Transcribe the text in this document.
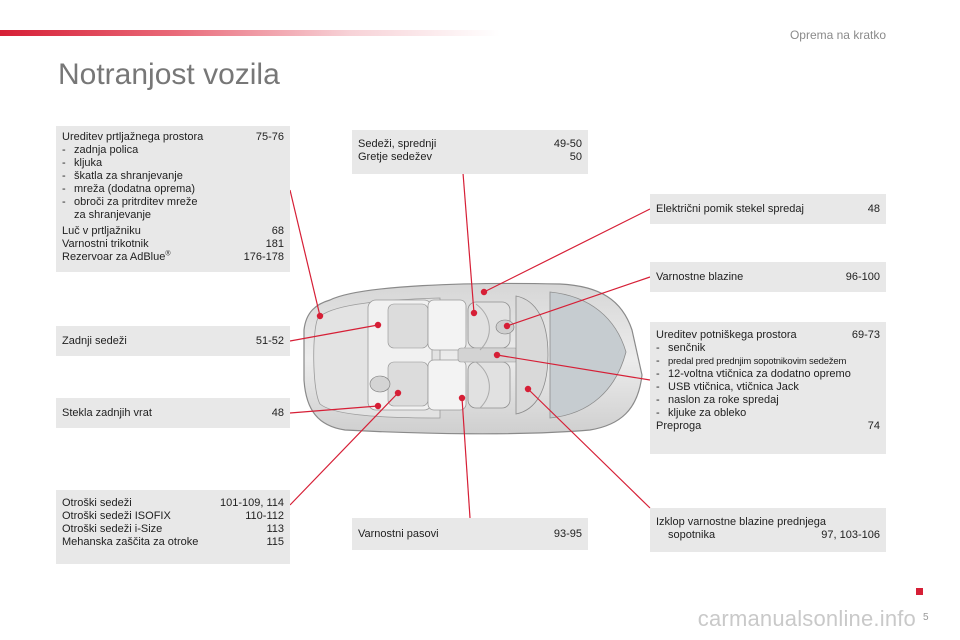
Oprema na kratko
Notranjost vozila
Ureditev prtljažnega prostora	75-76
- zadnja polica
- kljuka
- škatla za shranjevanje
- mreža (dodatna oprema)
- obroči za pritrditev mreže
za shranjevanje
Luč v prtljažniku	68
Varnostni trikotnik	181
Rezervoar za AdBlue®	176-178
Zadnji sedeži	51-52
Stekla zadnjih vrat	48
Otroški sedeži	101-109, 114
Otroški sedeži ISOFIX	110-112
Otroški sedeži i-Size	113
Mehanska zaščita za otroke	115
Sedeži, sprednji	49-50
Gretje sedežev	50
Varnostni pasovi	93-95
Električni pomik stekel spredaj	48
Varnostne blazine	96-100
Ureditev potniškega prostora	69-73
- senčnik
- predal pred prednjim sopotnikovim sedežem
- 12-voltna vtičnica za dodatno opremo
- USB vtičnica, vtičnica Jack
- naslon za roke spredaj
- kljuke za obleko
Preproga	74
Izklop varnostne blazine prednjega
sopotnika	97, 103-106
5
carmanualsonline.info
